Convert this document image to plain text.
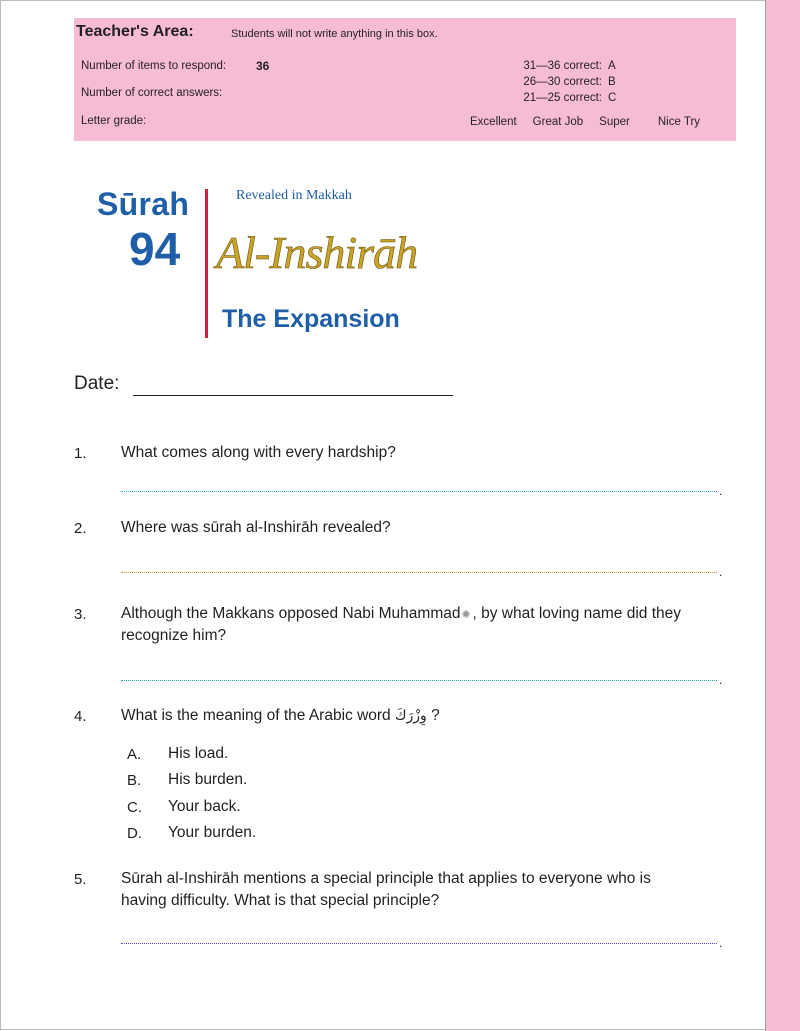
Teacher's Area:	Students will not write anything in this box.
Number of items to respond: 36
Number of correct answers:
Letter grade:
31—36 correct: A
26—30 correct: B
21—25 correct: C
Excellent Great Job Super Nice Try
Sūrah
94
Revealed in Makkah
Al-Inshirāh
The Expansion
Date:
1. What comes along with every hardship?
.
2. Where was sūrah al-Inshirāh revealed?
.
3. Although the Makkans opposed Nabi Muhammad , by what loving name did they
recognize him?
.
4. What is the meaning of the Arabic word وِزْرَكَ ?
A. His load.
B. His burden.
C. Your back.
D. Your burden.
5. Sūrah al-Inshirāh mentions a special principle that applies to everyone who is
having difficulty. What is that special principle?
.
